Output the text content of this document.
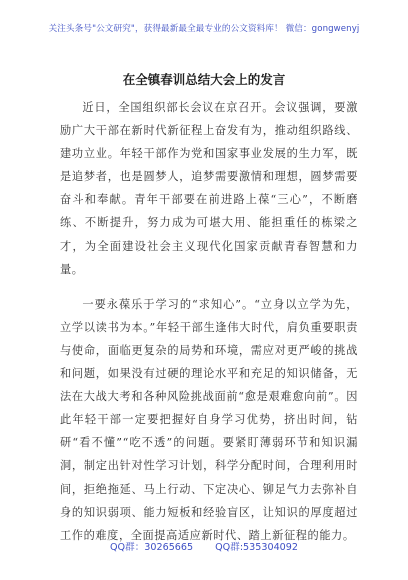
关注头条号"公文研究"，获得最新最全最专业的公文资料库！ 微信：gongwenyj
在全镇春训总结大会上的发言

近日，全国组织部长会议在京召开。会议强调，要激励广大干部在新时代新征程上奋发有为，推动组织路线、建功立业。年轻干部作为党和国家事业发展的生力军，既是追梦者，也是圆梦人，追梦需要激情和理想，圆梦需要奋斗和奉献。青年干部要在前进路上葆“三心”，不断磨练、不断提升，努力成为可堪大用、能担重任的栋梁之才，为全面建设社会主义现代化国家贡献青春智慧和力量。

一要永葆乐于学习的“求知心”。“立身以立学为先，立学以读书为本。”年轻干部生逢伟大时代，肩负重要职责与使命，面临更复杂的局势和环境，需应对更严峻的挑战和问题，如果没有过硬的理论水平和充足的知识储备，无法在大战大考和各种风险挑战面前“愈是艰难愈向前”。因此年轻干部一定要把握好自身学习优势，挤出时间，钻研“看不懂”“吃不透”的问题。要紧盯薄弱环节和知识漏洞，制定出针对性学习计划，科学分配时间，合理利用时间，拒绝拖延、马上行动、下定决心、铆足气力去弥补自身的知识弱项、能力短板和经验盲区，让知识的厚度超过工作的难度，全面提高适应新时代、踏上新征程的能力。

QQ群：30265665 QQ群:535304092
